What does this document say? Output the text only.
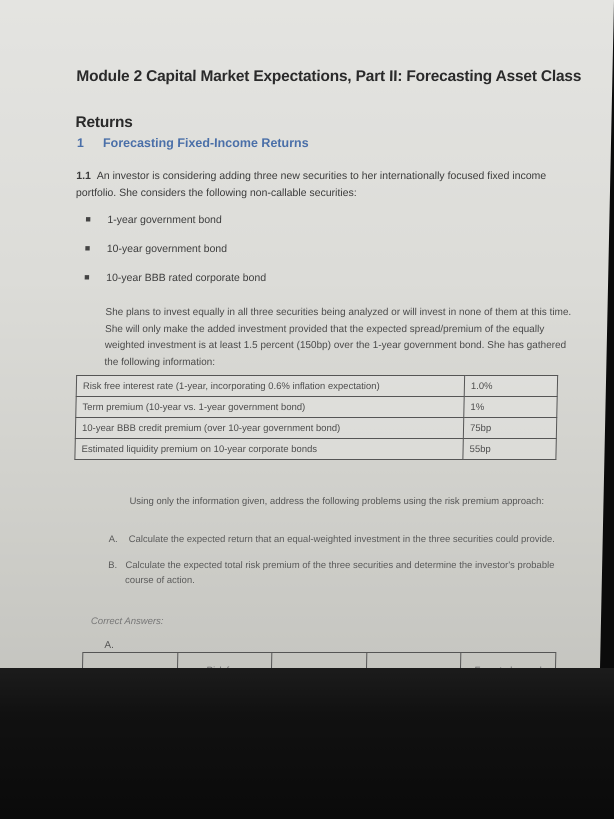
Module 2 Capital Market Expectations, Part II: Forecasting Asset Class Returns
1 Forecasting Fixed-Income Returns
1.1 An investor is considering adding three new securities to her internationally focused fixed income portfolio. She considers the following non-callable securities:
■	1-year government bond
■	10-year government bond
■	10-year BBB rated corporate bond
She plans to invest equally in all three securities being analyzed or will invest in none of them at this time. She will only make the added investment provided that the expected spread/premium of the equally weighted investment is at least 1.5 percent (150bp) over the 1-year government bond. She has gathered the following information:
Risk free interest rate (1-year, incorporating 0.6% inflation expectation)	1.0%
Term premium (10-year vs. 1-year government bond)	1%
10-year BBB credit premium (over 10-year government bond)	75bp
Estimated liquidity premium on 10-year corporate bonds	55bp
Using only the information given, address the following problems using the risk premium approach:
A.	Calculate the expected return that an equal-weighted investment in the three securities could provide.
B. Calculate the expected total risk premium of the three securities and determine the investor's probable course of action.
Correct Answers:
A.
